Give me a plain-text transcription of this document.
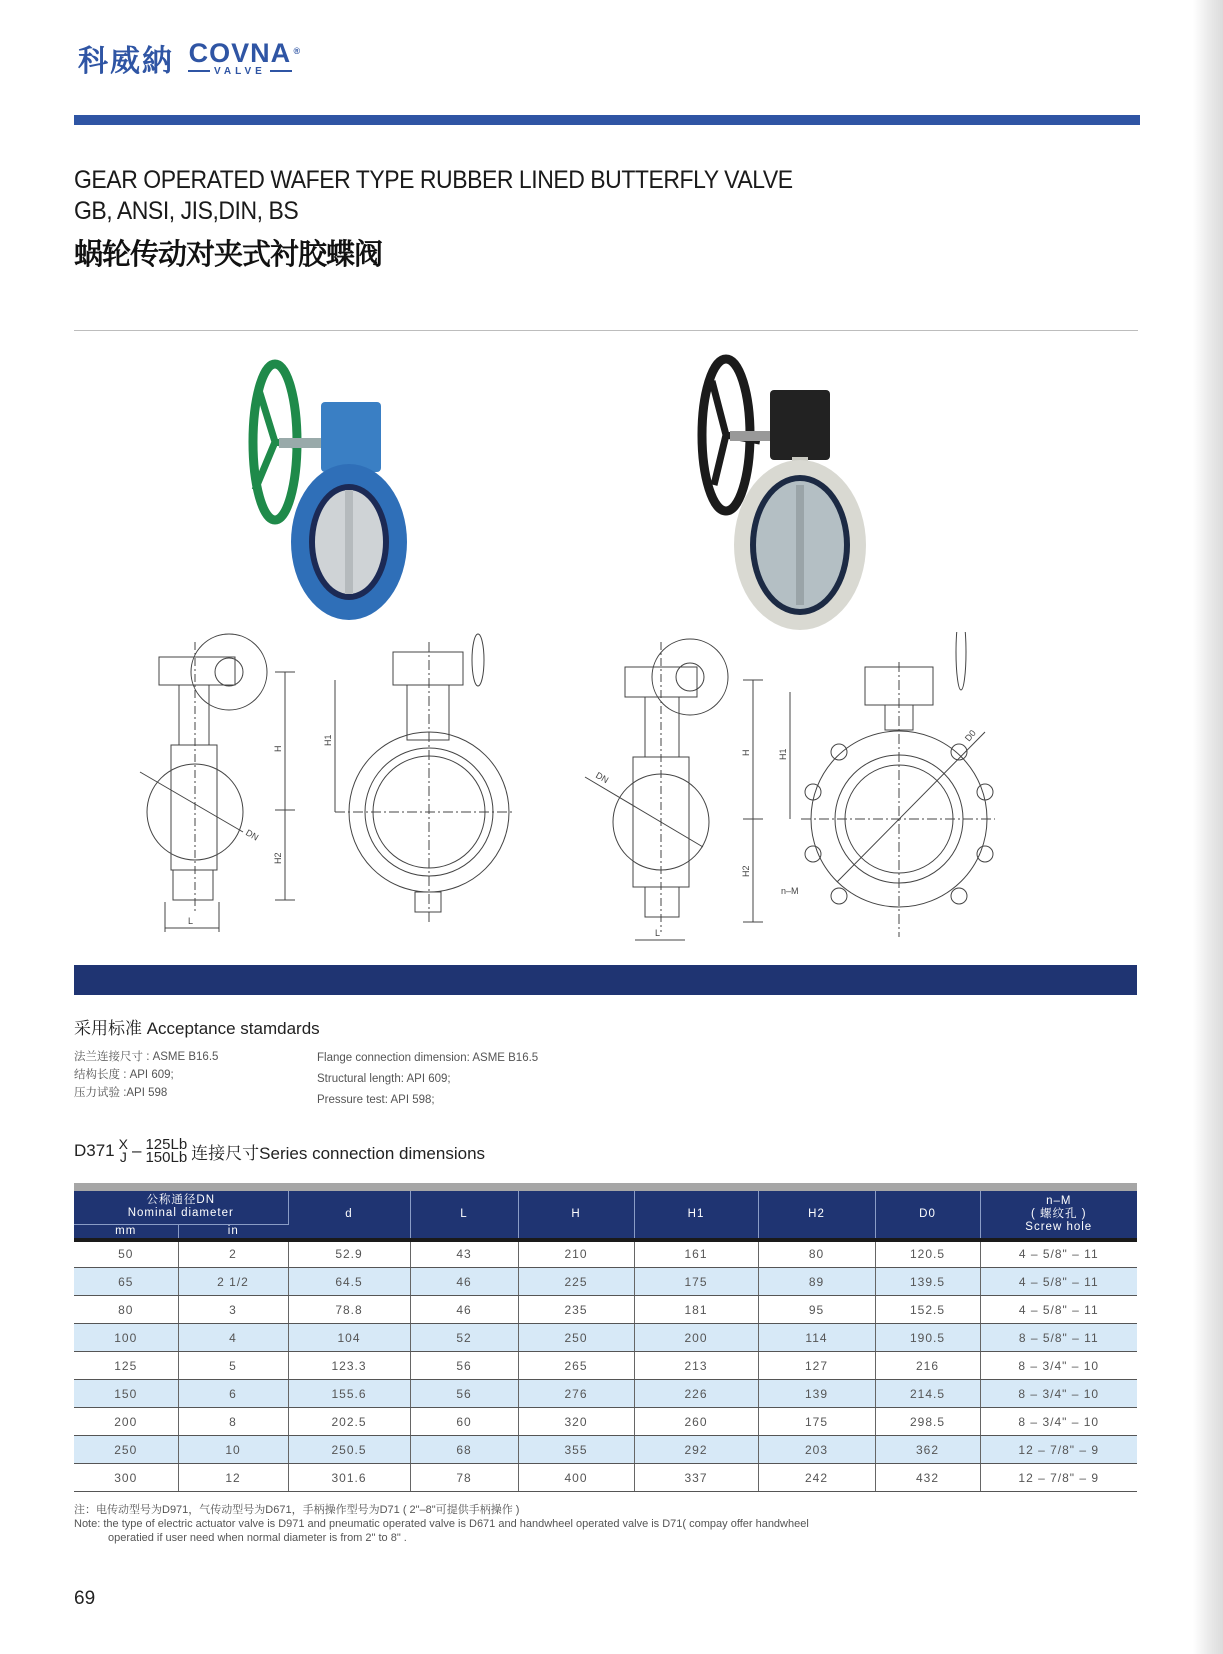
科威納 COVNA ®
VALVE
GEAR OPERATED WAFER TYPE RUBBER LINED BUTTERFLY VALVE
GB, ANSI, JIS,DIN, BS
蜗轮传动对夹式衬胶蝶阀
DN
H
H1
H2
L
DN
H	H1
H2
L
D0
n–M
采用标准 Acceptance stamdards
法兰连接尺寸 : ASME B16.5
结构长度 : API 609;
压力试验 :API 598
Flange connection dimension: ASME B16.5
Structural length: API 609;
Pressure test: API 598;
D371 X
J – 125Lb
150Lb 连接尺寸Series connection dimensions
公称通径DN
Nominal diameter	d	L	H	H1	H2	D0	
n–M
( 螺纹孔 )
Screw hole

mm	in							
50	2	52.9	43	210	161	80	120.5	4 – 5/8" – 11
65	2 1/2	64.5	46	225	175	89	139.5	4 – 5/8" – 11
80	3	78.8	46	235	181	95	152.5	4 – 5/8" – 11
100	4	104	52	250	200	114	190.5	8 – 5/8" – 11
125	5	123.3	56	265	213	127	216	8 – 3/4" – 10
150	6	155.6	56	276	226	139	214.5	8 – 3/4" – 10
200	8	202.5	60	320	260	175	298.5	8 – 3/4" – 10
250	10	250.5	68	355	292	203	362	12 – 7/8" – 9
300	12	301.6	78	400	337	242	432	12 – 7/8" – 9
注：电传动型号为D971，气传动型号为D671，手柄操作型号为D71 ( 2"–8"可提供手柄操作 )
Note: the type of electric actuator valve is D971 and pneumatic operated valve is D671 and handwheel operated valve is D71( compay offer handwheel
operatied if user need when normal diameter is from 2" to 8" .
69
